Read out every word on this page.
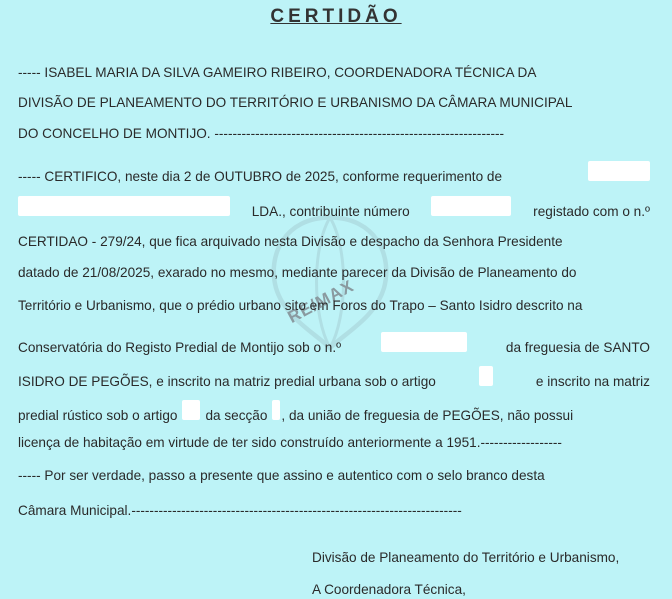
CERTIDÃO
RE/MAX
----- ISABEL MARIA DA SILVA GAMEIRO RIBEIRO, COORDENADORA TÉCNICA DA
DIVISÃO DE PLANEAMENTO DO TERRITÓRIO E URBANISMO DA CÂMARA MUNICIPAL
DO CONCELHO DE MONTIJO. ----------------------------------------------------------------
----- CERTIFICO, neste dia 2 de OUTUBRO de 2025, conforme requerimento de
LDA., contribuinte número	registado com o n.º
CERTIDAO - 279/24, que fica arquivado nesta Divisão e despacho da Senhora Presidente
datado de 21/08/2025, exarado no mesmo, mediante parecer da Divisão de Planeamento do
Território e Urbanismo, que o prédio urbano sito em Foros do Trapo – Santo Isidro descrito na
Conservatória do Registo Predial de Montijo sob o n.º	da freguesia de SANTO
ISIDRO DE PEGÕES, e inscrito na matriz predial urbana sob o artigo	e inscrito na matriz
predial rústico sob o artigo da secção , da união de freguesia de PEGÕES, não possui
licença de habitação em virtude de ter sido construído anteriormente a 1951.------------------
----- Por ser verdade, passo a presente que assino e autentico com o selo branco desta
Câmara Municipal.-------------------------------------------------------------------------
Divisão de Planeamento do Território e Urbanismo,
A Coordenadora Técnica,
